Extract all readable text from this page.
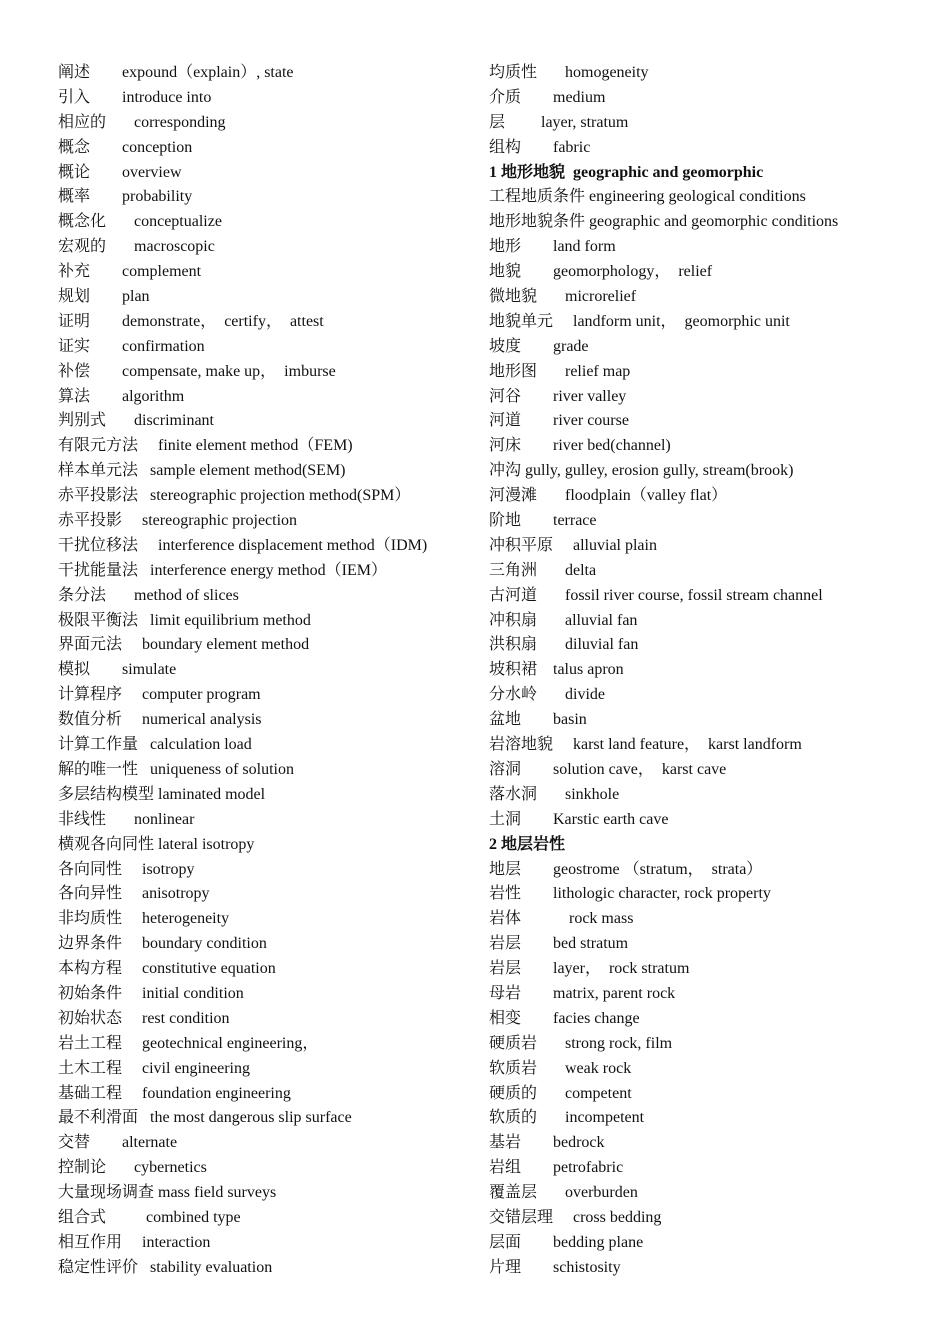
阐述        expound（explain）, state
引入        introduce into
相应的       corresponding
概念        conception
概论        overview
概率        probability
概念化       conceptualize
宏观的       macroscopic
补充        complement
规划        plan
证明        demonstrate，  certify，  attest
证实        confirmation
补偿        compensate, make up，  imburse
算法        algorithm
判别式       discriminant
有限元方法     finite element method（FEM)
样本单元法   sample element method(SEM)
赤平投影法   stereographic projection method(SPM）
赤平投影     stereographic projection
干扰位移法     interference displacement method（IDM)
干扰能量法   interference energy method（IEM）
条分法       method of slices
极限平衡法   limit equilibrium method
界面元法     boundary element method
模拟        simulate
计算程序     computer program
数值分析     numerical analysis
计算工作量   calculation load
解的唯一性   uniqueness of solution
多层结构模型 laminated model
非线性       nonlinear
横观各向同性 lateral isotropy
各向同性     isotropy
各向异性     anisotropy
非均质性     heterogeneity
边界条件     boundary condition
本构方程     constitutive equation
初始条件     initial condition
初始状态     rest condition
岩土工程     geotechnical engineering，
土木工程     civil engineering
基础工程     foundation engineering
最不利滑面   the most dangerous slip surface
交替        alternate
控制论       cybernetics
大量现场调查 mass field surveys
组合式          combined type
相互作用     interaction
稳定性评价   stability evaluation
均质性       homogeneity
介质        medium
层         layer, stratum
组构        fabric
1 地形地貌  geographic and geomorphic
工程地质条件 engineering geological conditions
地形地貌条件 geographic and geomorphic conditions
地形        land form
地貌        geomorphology，  relief
微地貌       microrelief
地貌单元     landform unit，  geomorphic unit
坡度        grade
地形图       relief map
河谷        river valley
河道        river course
河床        river bed(channel)
冲沟 gully, gulley, erosion gully, stream(brook)
河漫滩       floodplain（valley flat）
阶地        terrace
冲积平原     alluvial plain
三角洲       delta
古河道       fossil river course, fossil stream channel
冲积扇       alluvial fan
洪积扇       diluvial fan
坡积裙    talus apron
分水岭       divide
盆地        basin
岩溶地貌     karst land feature，  karst landform
溶洞        solution cave，  karst cave
落水洞       sinkhole
土洞        Karstic earth cave
2 地层岩性
地层        geostrome （stratum，  strata）
岩性        lithologic character, rock property
岩体            rock mass
岩层        bed stratum
岩层        layer，  rock stratum
母岩        matrix, parent rock
相变        facies change
硬质岩       strong rock, film
软质岩       weak rock
硬质的       competent
软质的       incompetent
基岩        bedrock
岩组        petrofabric
覆盖层       overburden
交错层理     cross bedding
层面        bedding plane
片理        schistosity
